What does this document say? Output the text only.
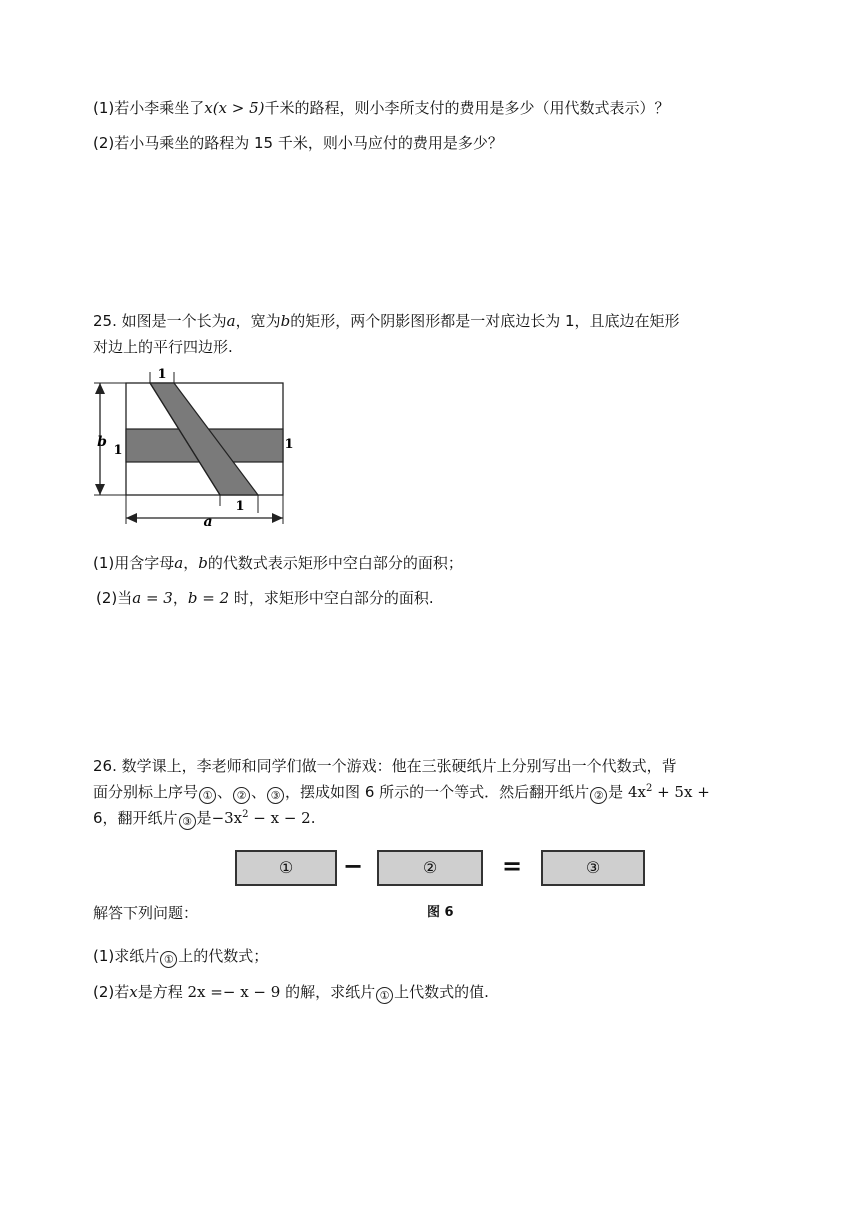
(1)若小李乘坐了x(x > 5)千米的路程，则小李所支付的费用是多少（用代数式表示）？
(2)若小马乘坐的路程为 15 千米，则小马应付的费用是多少？
25. 如图是一个长为a，宽为b的矩形，两个阴影图形都是一对底边长为 1，且底边在矩形
对边上的平行四边形.
1
1
1	1
b
a
(1)用含字母a，b的代数式表示矩形中空白部分的面积；
(2)当a = 3，b = 2 时，求矩形中空白部分的面积.
26. 数学课上，李老师和同学们做一个游戏：他在三张硬纸片上分别写出一个代数式，背
面分别标上序号 ① 、 ② 、 ③ ，摆成如图 6 所示的一个等式．然后翻开纸片 ② 是 $4x^2 + 5x$ +
6，翻开纸片 ③ 是$-3x^2 - x - 2$.
①	−	②	=	③
图 6
解答下列问题：
(1)求纸片 ① 上的代数式；
(2)若x是方程 2x =− x − 9 的解，求纸片 ① 上代数式的值.
